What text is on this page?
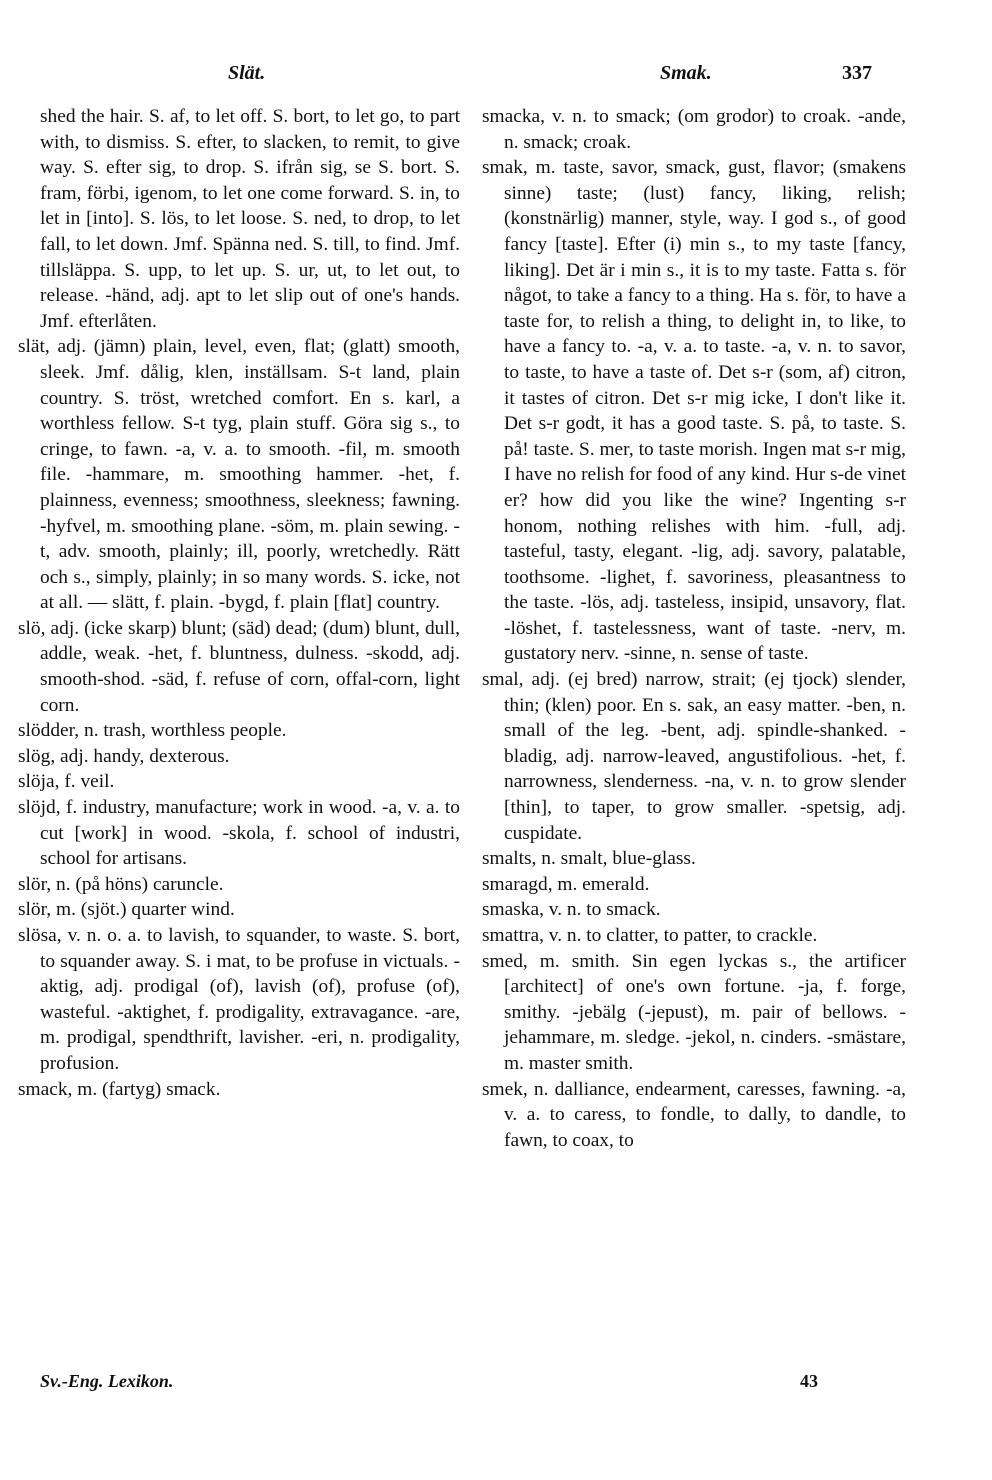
Slät.	Smak.	337

shed the hair. S. af, to let off. S. bort, to let go, to part with, to dismiss. S. efter, to slacken, to remit, to give way. S. efter sig, to drop. S. ifrån sig, se S. bort. S. fram, förbi, igenom, to let one come forward. S. in, to let in [into]. S. lös, to let loose. S. ned, to drop, to let fall, to let down. Jmf. Spänna ned. S. till, to find. Jmf. tillsläppa. S. upp, to let up. S. ur, ut, to let out, to release. -händ, adj. apt to let slip out of one's hands. Jmf. efterlåten.

slät, adj. (jämn) plain, level, even, flat; (glatt) smooth, sleek. Jmf. dålig, klen, inställsam. S-t land, plain country. S. tröst, wretched comfort. En s. karl, a worthless fellow. S-t tyg, plain stuff. Göra sig s., to cringe, to fawn. -a, v. a. to smooth. -fil, m. smooth file. -hammare, m. smoothing hammer. -het, f. plainness, evenness; smoothness, sleekness; fawning. -hyfvel, m. smoothing plane. -söm, m. plain sewing. -t, adv. smooth, plainly; ill, poorly, wretchedly. Rätt och s., simply, plainly; in so many words. S. icke, not at all. — slätt, f. plain. -bygd, f. plain [flat] country.

slö, adj. (icke skarp) blunt; (säd) dead; (dum) blunt, dull, addle, weak. -het, f. bluntness, dulness. -skodd, adj. smooth-shod. -säd, f. refuse of corn, offal-corn, light corn.

slödder, n. trash, worthless people.

slög, adj. handy, dexterous.

slöja, f. veil.

slöjd, f. industry, manufacture; work in wood. -a, v. a. to cut [work] in wood. -skola, f. school of industri, school for artisans.

slör, n. (på höns) caruncle.

slör, m. (sjöt.) quarter wind.

slösa, v. n. o. a. to lavish, to squander, to waste. S. bort, to squander away. S. i mat, to be profuse in victuals. -aktig, adj. prodigal (of), lavish (of), profuse (of), wasteful. -aktighet, f. prodigality, extravagance. -are, m. prodigal, spendthrift, lavisher. -eri, n. prodigality, profusion.

smack, m. (fartyg) smack.

smacka, v. n. to smack; (om grodor) to croak. -ande, n. smack; croak.

smak, m. taste, savor, smack, gust, flavor; (smakens sinne) taste; (lust) fancy, liking, relish; (konstnärlig) manner, style, way. I god s., of good fancy [taste]. Efter (i) min s., to my taste [fancy, liking]. Det är i min s., it is to my taste. Fatta s. för något, to take a fancy to a thing. Ha s. för, to have a taste for, to relish a thing, to delight in, to like, to have a fancy to. -a, v. a. to taste. -a, v. n. to savor, to taste, to have a taste of. Det s-r (som, af) citron, it tastes of citron. Det s-r mig icke, I don't like it. Det s-r godt, it has a good taste. S. på, to taste. S. på! taste. S. mer, to taste morish. Ingen mat s-r mig, I have no relish for food of any kind. Hur s-de vinet er? how did you like the wine? Ingenting s-r honom, nothing relishes with him. -full, adj. tasteful, tasty, elegant. -lig, adj. savory, palatable, toothsome. -lighet, f. savoriness, pleasantness to the taste. -lös, adj. tasteless, insipid, unsavory, flat. -löshet, f. tastelessness, want of taste. -nerv, m. gustatory nerv. -sinne, n. sense of taste.

smal, adj. (ej bred) narrow, strait; (ej tjock) slender, thin; (klen) poor. En s. sak, an easy matter. -ben, n. small of the leg. -bent, adj. spindle-shanked. -bladig, adj. narrow-leaved, angustifolious. -het, f. narrowness, slenderness. -na, v. n. to grow slender [thin], to taper, to grow smaller. -spetsig, adj. cuspidate.

smalts, n. smalt, blue-glass.

smaragd, m. emerald.

smaska, v. n. to smack.

smattra, v. n. to clatter, to patter, to crackle.

smed, m. smith. Sin egen lyckas s., the artificer [architect] of one's own fortune. -ja, f. forge, smithy. -jebälg (-jepust), m. pair of bellows. -jehammare, m. sledge. -jekol, n. cinders. -smästare, m. master smith.

smek, n. dalliance, endearment, caresses, fawning. -a, v. a. to caress, to fondle, to dally, to dandle, to fawn, to coax, to

Sv.-Eng. Lexikon.	43
